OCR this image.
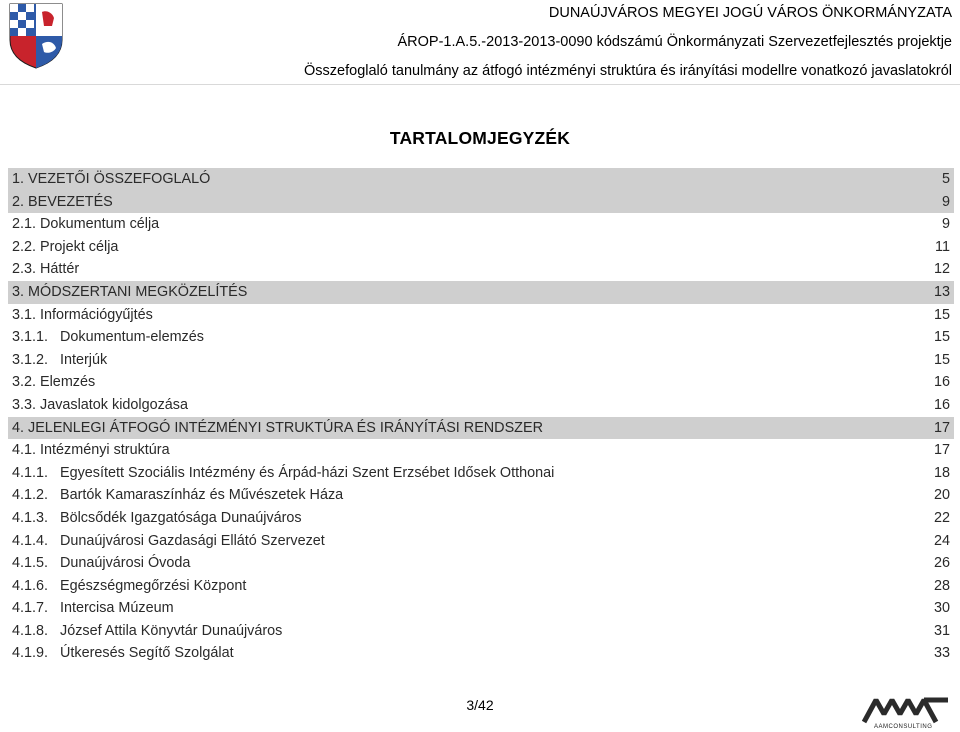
DUNAÚJVÁROS MEGYEI JOGÚ VÁROS ÖNKORMÁNYZATA
ÁROP-1.A.5.-2013-2013-0090 kódszámú Önkormányzati Szervezetfejlesztés projektje
Összefoglaló tanulmány az átfogó intézményi struktúra és irányítási modellre vonatkozó javaslatokról
TARTALOMJEGYZÉK
1. VEZETŐI ÖSSZEFOGLALÓ	5
2. BEVEZETÉS	9
2.1. Dokumentum célja	9
2.2. Projekt célja	11
2.3. Háttér	12
3. MÓDSZERTANI MEGKÖZELÍTÉS	13
3.1. Információgyűjtés	15
3.1.1. Dokumentum-elemzés	15
3.1.2. Interjúk	15
3.2. Elemzés	16
3.3. Javaslatok kidolgozása	16
4. JELENLEGI ÁTFOGÓ INTÉZMÉNYI STRUKTÚRA ÉS IRÁNYÍTÁSI RENDSZER	17
4.1. Intézményi struktúra	17
4.1.1. Egyesített Szociális Intézmény és Árpád-házi Szent Erzsébet Idősek Otthonai	18
4.1.2. Bartók Kamaraszínház és Művészetek Háza	20
4.1.3. Bölcsődék Igazgatósága Dunaújváros	22
4.1.4. Dunaújvárosi Gazdasági Ellátó Szervezet	24
4.1.5. Dunaújvárosi Óvoda	26
4.1.6. Egészségmegőrzési Központ	28
4.1.7. Intercisa Múzeum	30
4.1.8. József Attila Könyvtár Dunaújváros	31
4.1.9. Útkeresés Segítő Szolgálat	33
3/42
AAMCONSULTING
